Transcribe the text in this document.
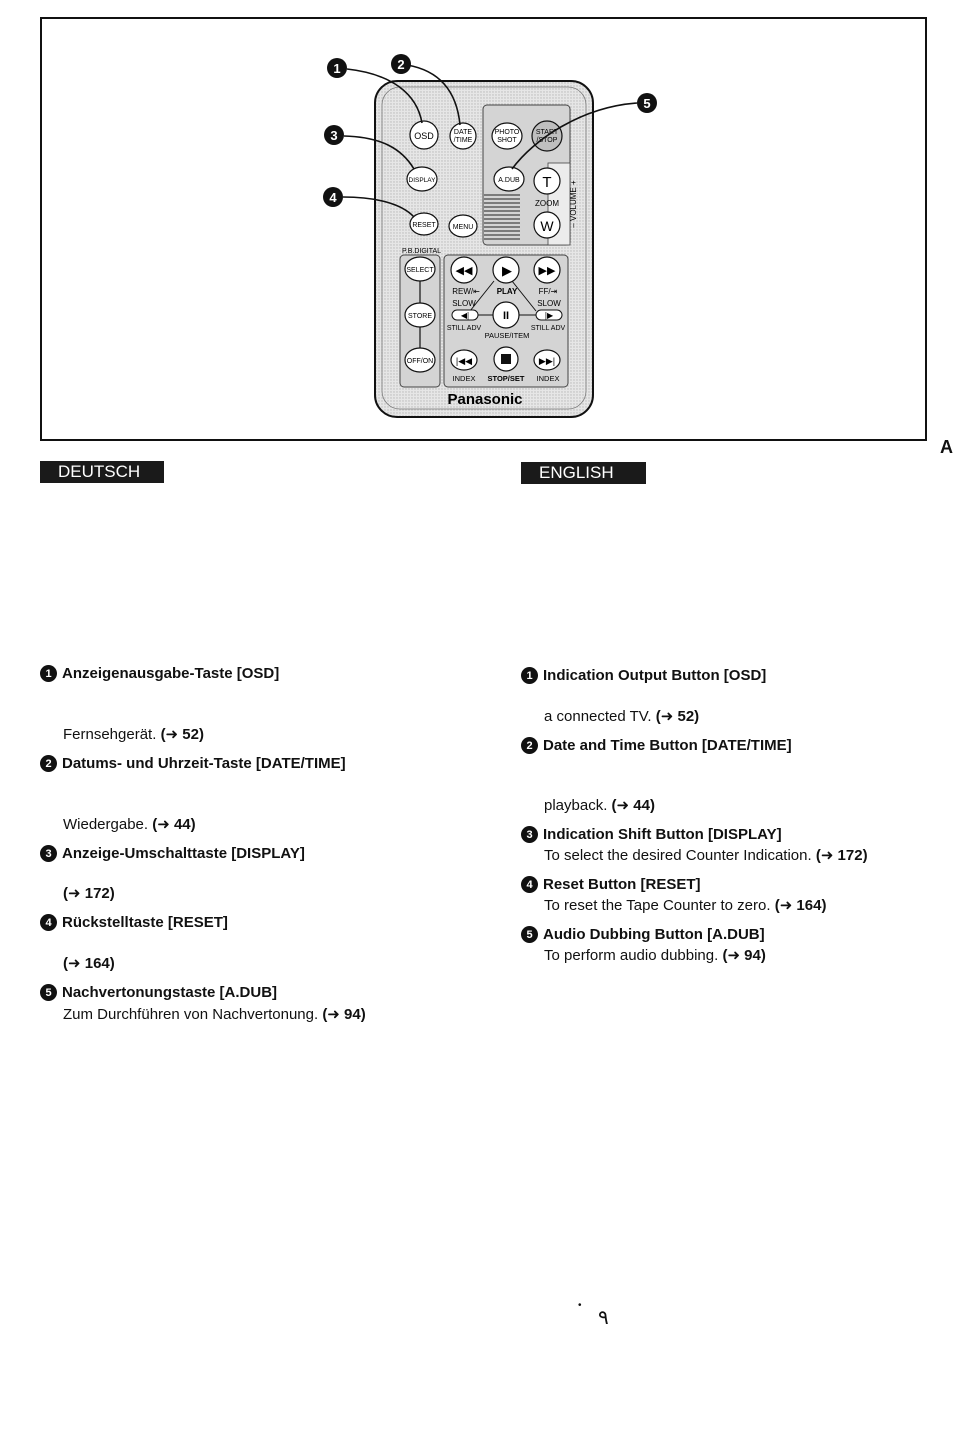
OSD	DATE
/TIME
PHOTO
SHOT
START
/STOP
DISPLAY	A.DUB T
ZOOM
W – VOLUME +
RESET MENU
P.B.DIGITAL
SELECT
STORE
OFF/ON
◀◀ ▶ ▶▶
REW/⇤ PLAY	FF/⇥
SLOW	SLOW
◀|	II	|▶
STILL ADV	STILL ADV
PAUSE/ITEM
|◀◀	▶▶|
INDEX STOP/SET INDEX
Panasonic
1	2
3
4
5
A
DEUTSCH	ENGLISH
1 Anzeigenausgabe-Taste [OSD]
Fernsehgerät. (➜ 52)
2 Datums- und Uhrzeit-Taste [DATE/TIME]
Wiedergabe. (➜ 44)
3 Anzeige-Umschalttaste [DISPLAY]
(➜ 172)
4 Rückstelltaste [RESET]
(➜ 164)
5 Nachvertonungstaste [A.DUB]
Zum Durchführen von Nachvertonung. (➜ 94)
1 Indication Output Button [OSD]
a connected TV. (➜ 52)
2 Date and Time Button [DATE/TIME]
playback. (➜ 44)
3 Indication Shift Button [DISPLAY]
To select the desired Counter Indication. (➜ 172)
4 Reset Button [RESET]
To reset the Tape Counter to zero. (➜ 164)
5 Audio Dubbing Button [A.DUB]
To perform audio dubbing. (➜ 94)
•
٩
